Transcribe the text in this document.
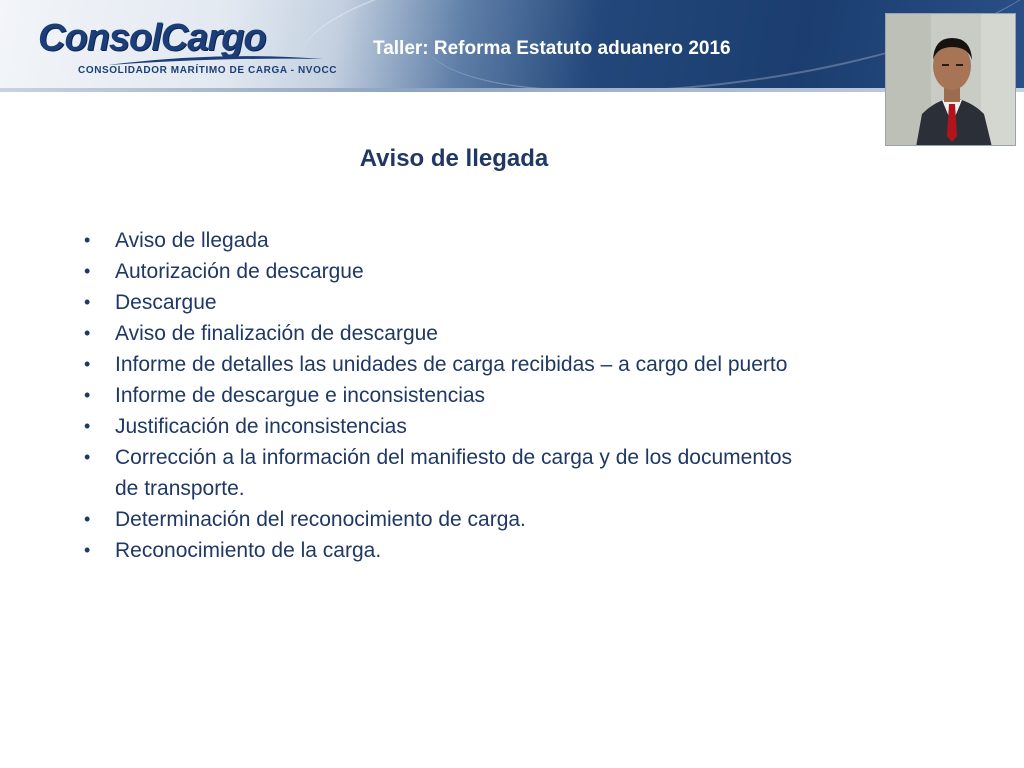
ConsolCargo
CONSOLIDADOR MARÍTIMO DE CARGA - NVOCC
Taller: Reforma Estatuto aduanero 2016
Aviso de llegada
• Aviso de llegada
• Autorización de descargue
• Descargue
• Aviso de finalización de descargue
• Informe de detalles las unidades de carga recibidas – a cargo del puerto
• Informe de descargue e inconsistencias
• Justificación de inconsistencias
• Corrección a la información del manifiesto de carga y de los documentos de transporte.
• Determinación del reconocimiento de carga.
• Reconocimiento de la carga.
